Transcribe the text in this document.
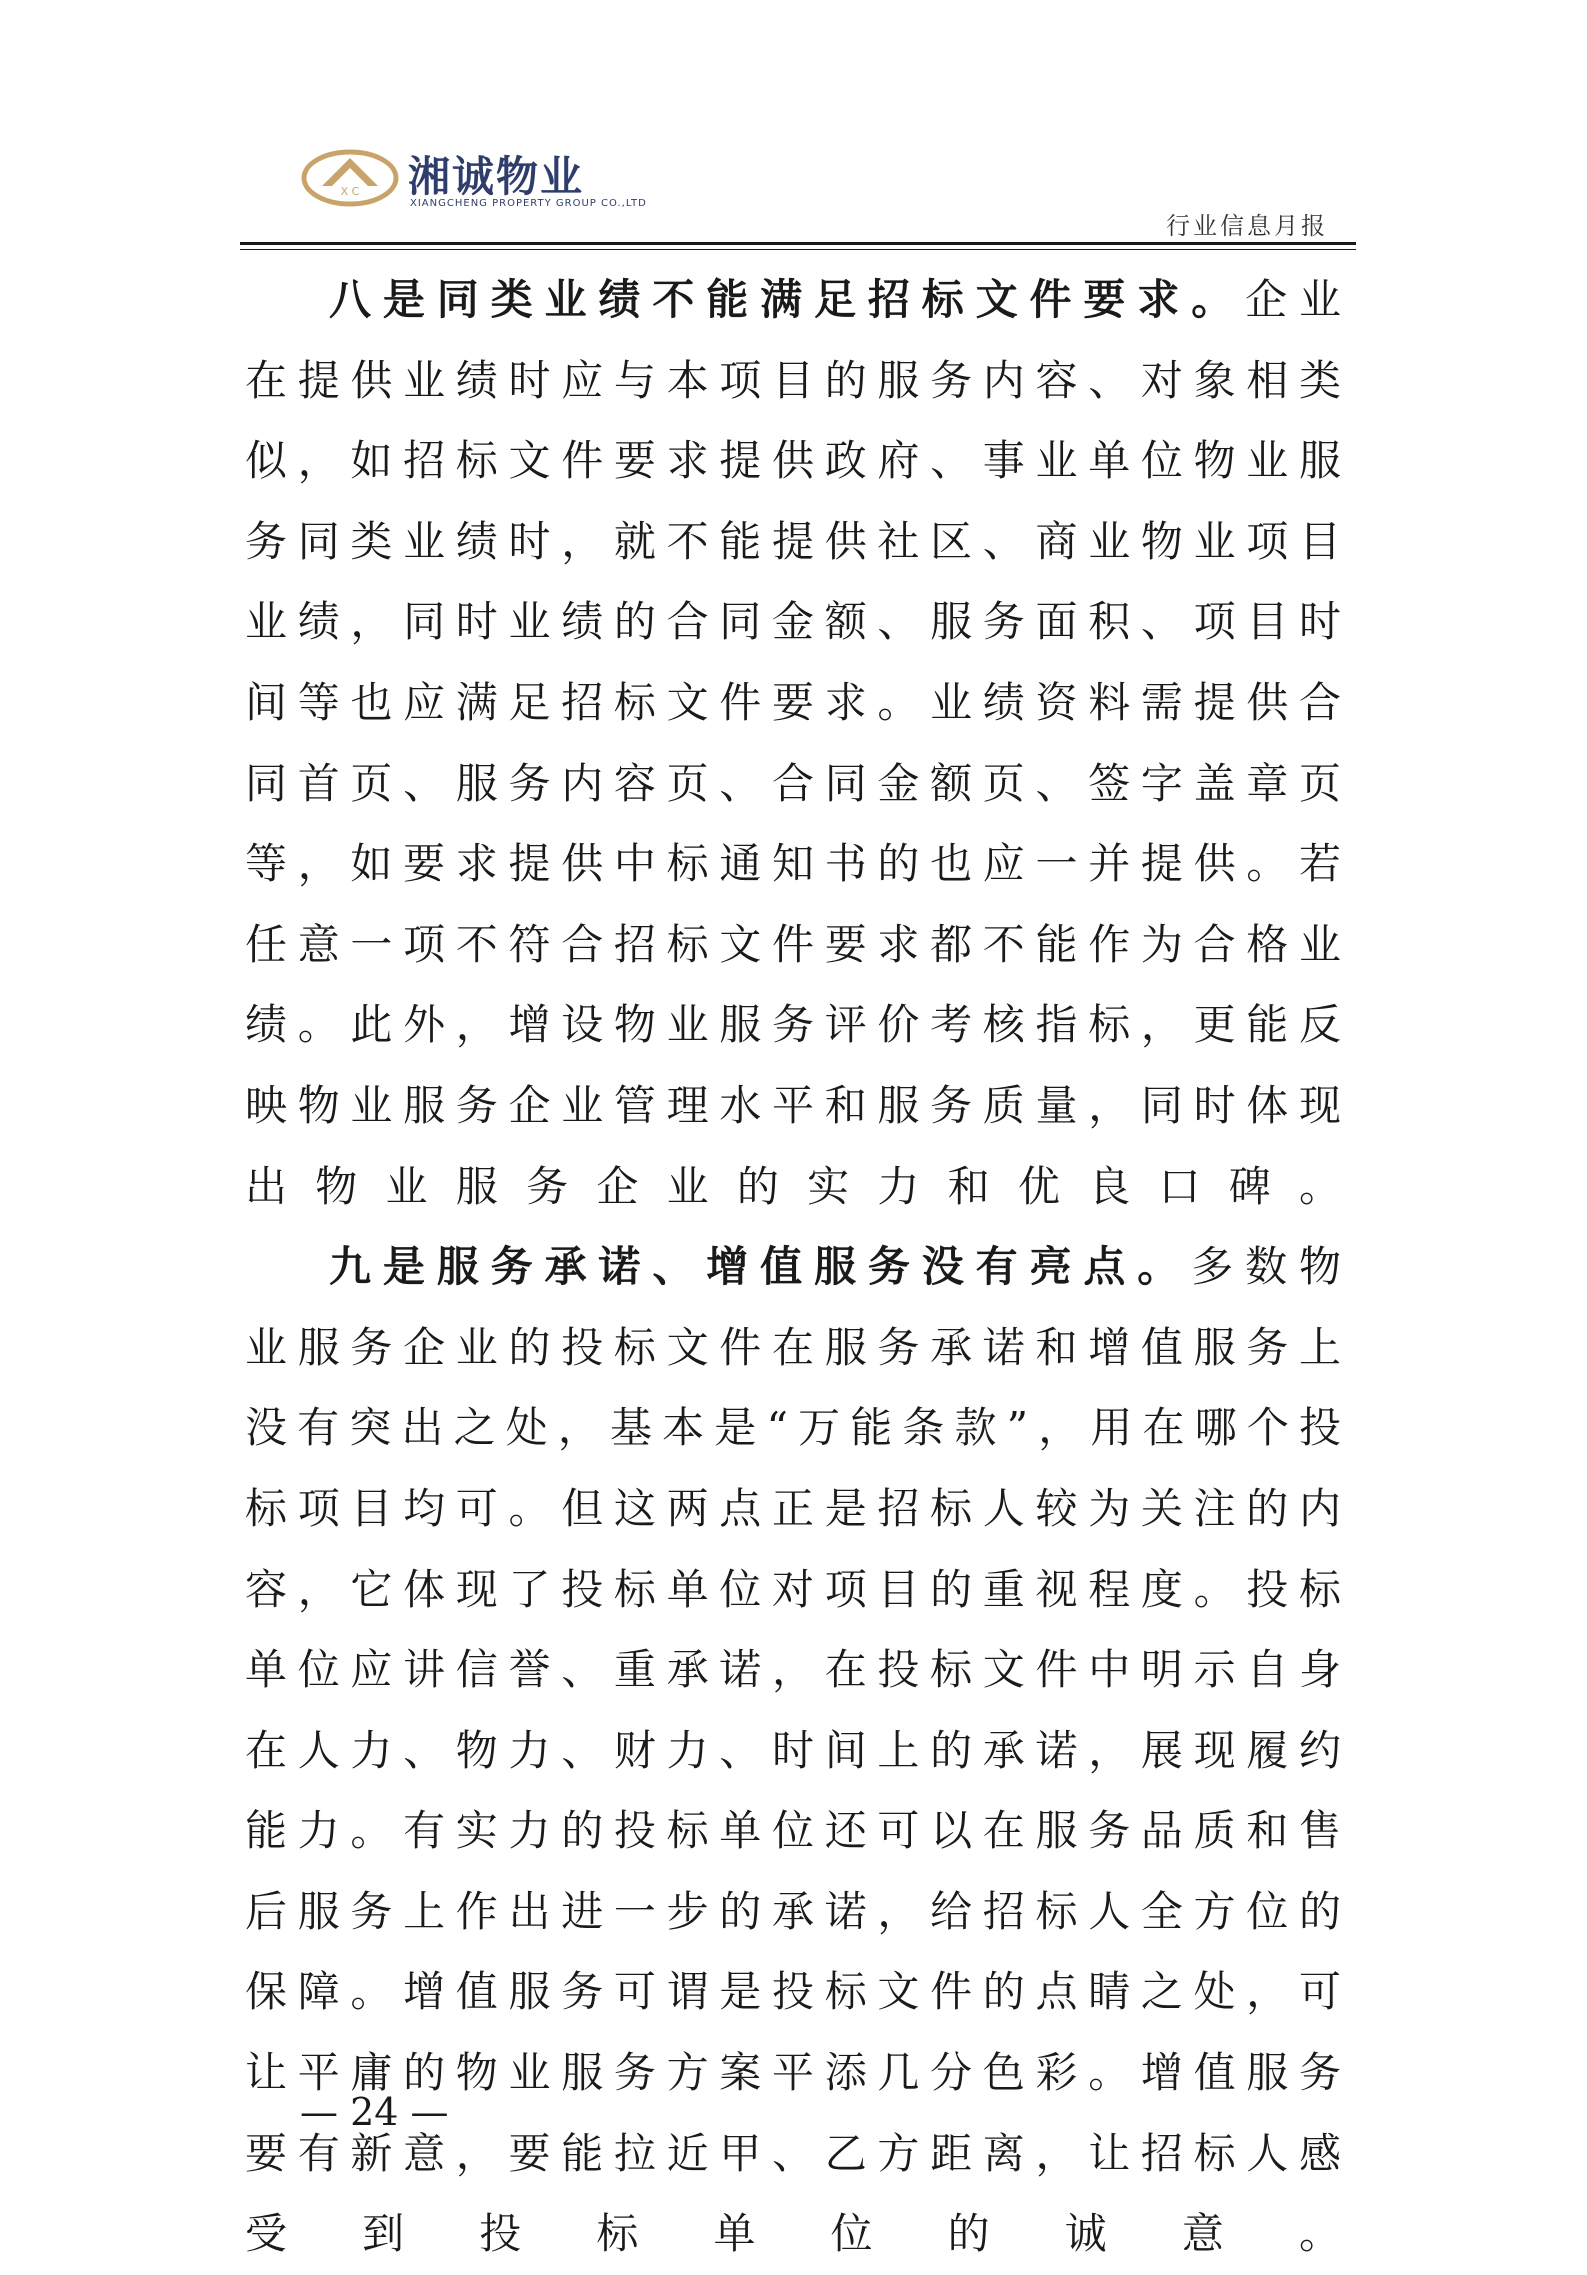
X C 湘诚物业
XIANGCHENG PROPERTY GROUP CO.,LTD
行业信息月报

八是同类业绩不能满足招标文件要求。企业在提供业绩时应与本项目的服务内容、对象相类似，如招标文件要求提供政府、事业单位物业服务同类业绩时，就不能提供社区、商业物业项目业绩，同时业绩的合同金额、服务面积、项目时间等也应满足招标文件要求。业绩资料需提供合同首页、服务内容页、合同金额页、签字盖章页等，如要求提供中标通知书的也应一并提供。若任意一项不符合招标文件要求都不能作为合格业绩。此外，增设物业服务评价考核指标，更能反映物业服务企业管理水平和服务质量，同时体现出物业服务企业的实力和优良口碑。

九是服务承诺、增值服务没有亮点。多数物业服务企业的投标文件在服务承诺和增值服务上没有突出之处，基本是“万能条款”，用在哪个投标项目均可。但这两点正是招标人较为关注的内容，它体现了投标单位对项目的重视程度。投标单位应讲信誉、重承诺，在投标文件中明示自身在人力、物力、财力、时间上的承诺，展现履约能力。有实力的投标单位还可以在服务品质和售后服务上作出进一步的承诺，给招标人全方位的保障。增值服务可谓是投标文件的点睛之处，可让平庸的物业服务方案平添几分色彩。增值服务要有新意，要能拉近甲、乙方距离，让招标人感受到投标单位的诚意。

— 24 —
